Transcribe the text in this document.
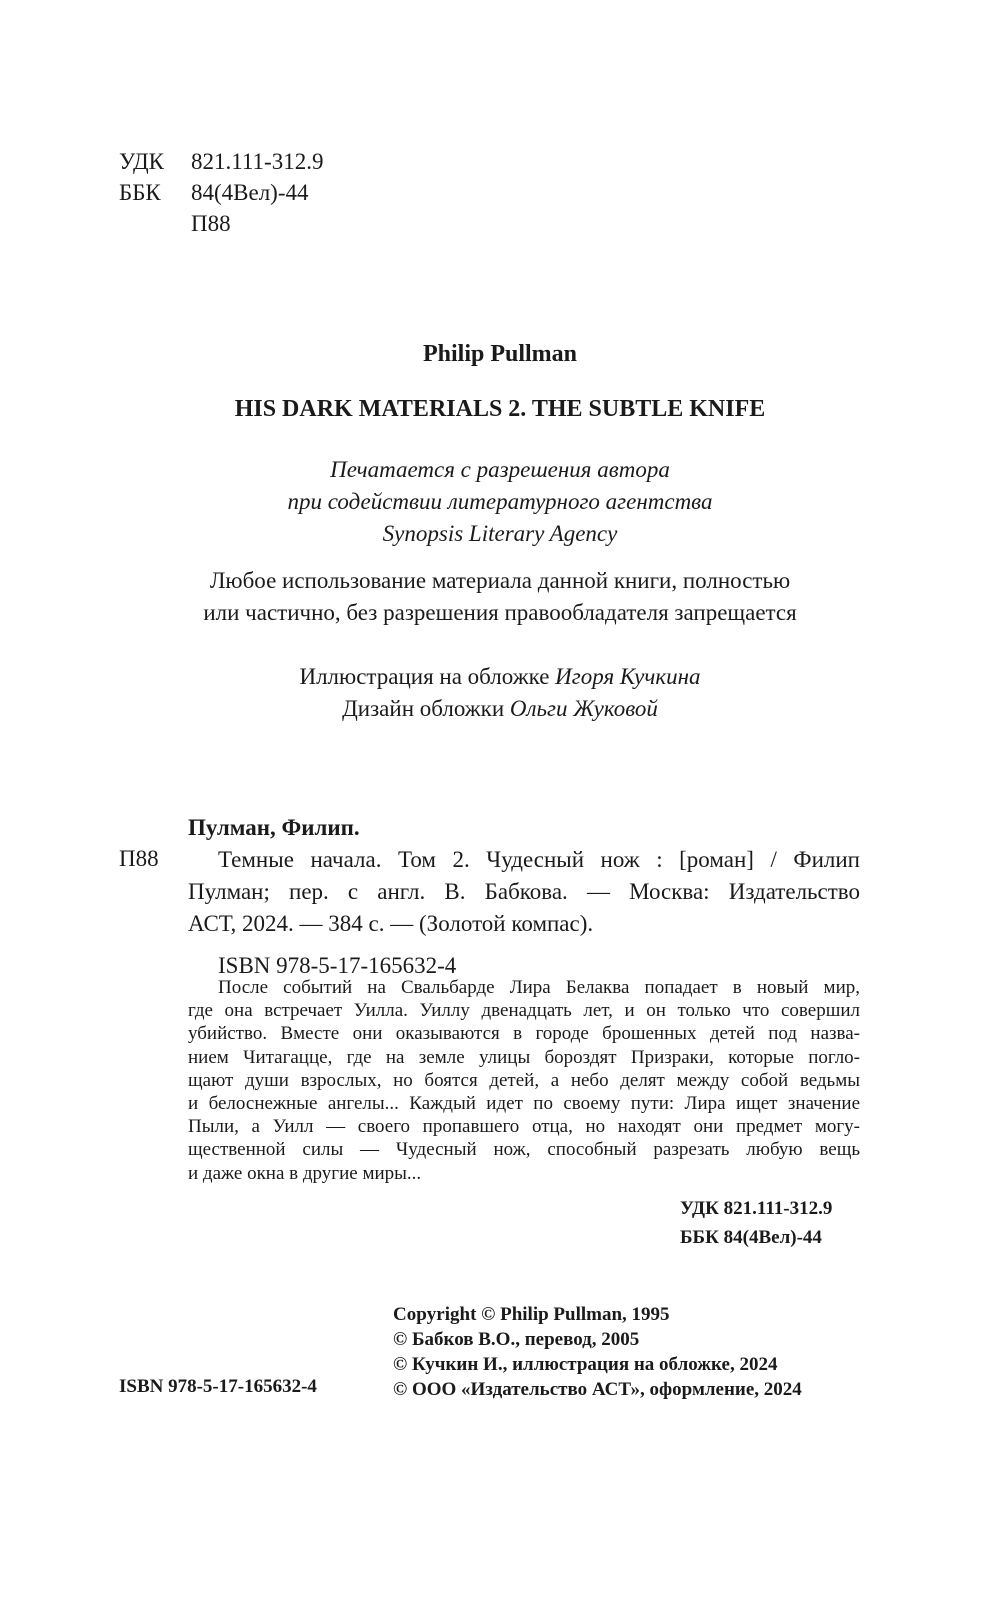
УДК	821.111-312.9
ББК	84(4Вел)-44
П88
Philip Pullman
HIS DARK MATERIALS 2. THE SUBTLE KNIFE
Печатается с разрешения автора
при содействии литературного агентства
Synopsis Literary Agency
Любое использование материала данной книги, полностью
или частично, без разрешения правообладателя запрещается
Иллюстрация на обложке Игоря Кучкина
Дизайн обложки Ольги Жуковой
П88
Пулман, Филип.
Темные начала. Том 2. Чудесный нож : [роман] / Филип
Пулман; пер. с англ. В. Бабкова. — Москва: Издательство
АСТ, 2024. — 384 с. — (Золотой компас).
ISBN 978-5-17-165632-4
После событий на Свальбарде Лира Белаква попадает в новый мир,
где она встречает Уилла. Уиллу двенадцать лет, и он только что совершил
убийство. Вместе они оказываются в городе брошенных детей под назва-
нием Читагацце, где на земле улицы бороздят Призраки, которые погло-
щают души взрослых, но боятся детей, а небо делят между собой ведьмы
и белоснежные ангелы... Каждый идет по своему пути: Лира ищет значение
Пыли, а Уилл — своего пропавшего отца, но находят они предмет могу-
щественной силы — Чудесный нож, способный разрезать любую вещь
и даже окна в другие миры...
УДК 821.111-312.9
ББК 84(4Вел)-44
Copyright © Philip Pullman, 1995
© Бабков В.О., перевод, 2005
© Кучкин И., иллюстрация на обложке, 2024
© ООО «Издательство АСТ», оформление, 2024
ISBN 978-5-17-165632-4
